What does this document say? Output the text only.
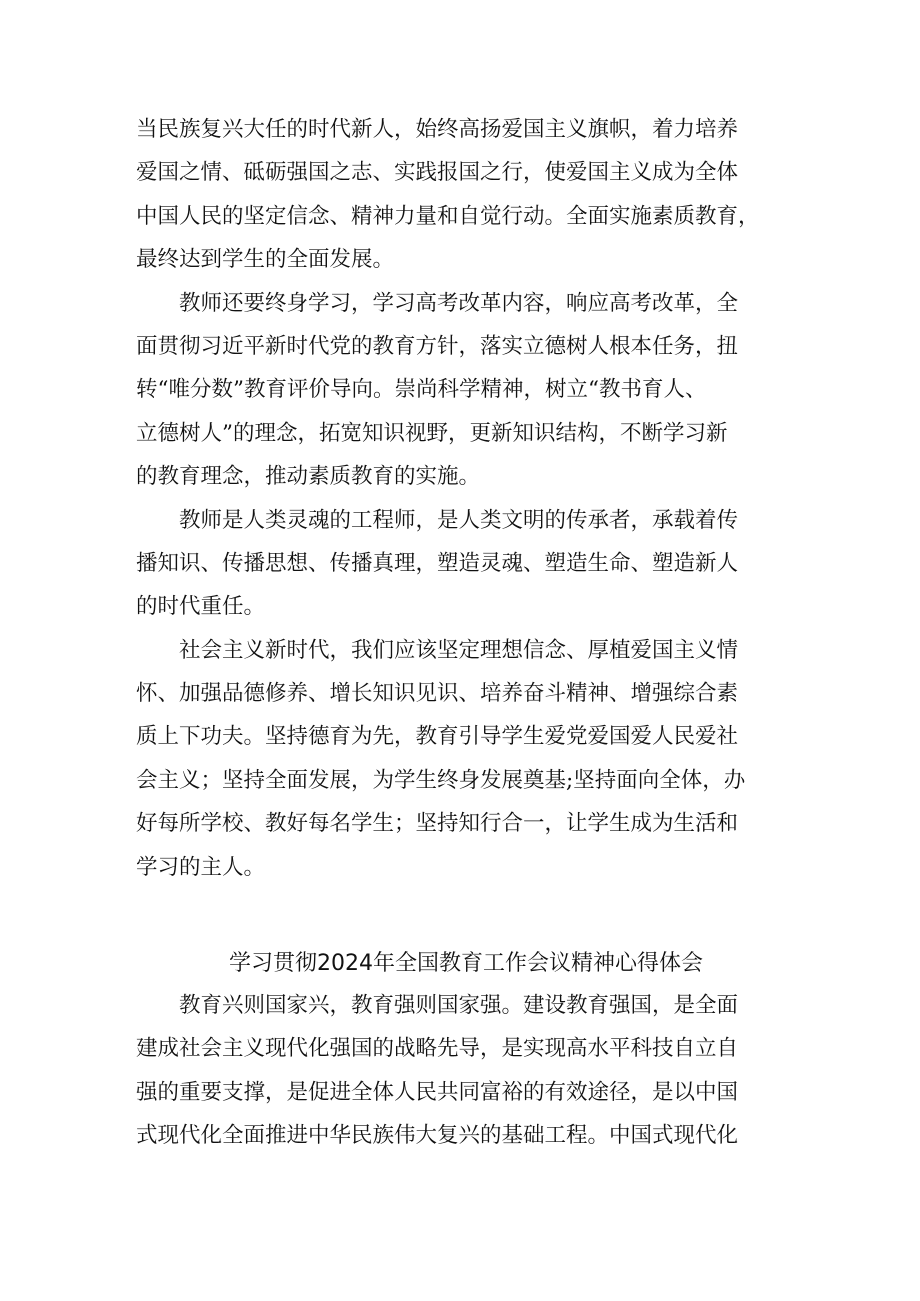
当民族复兴大任的时代新人，始终高扬爱国主义旗帜，着力培养
爱国之情、砥砺强国之志、实践报国之行，使爱国主义成为全体
中国人民的坚定信念、精神力量和自觉行动。全面实施素质教育，
最终达到学生的全面发展。
　　教师还要终身学习，学习高考改革内容，响应高考改革，全
面贯彻习近平新时代党的教育方针，落实立德树人根本任务，扭
转“唯分数”教育评价导向。崇尚科学精神，树立“教书育人、
立德树人”的理念，拓宽知识视野，更新知识结构，不断学习新
的教育理念，推动素质教育的实施。
　　教师是人类灵魂的工程师，是人类文明的传承者，承载着传
播知识、传播思想、传播真理，塑造灵魂、塑造生命、塑造新人
的时代重任。
　　社会主义新时代，我们应该坚定理想信念、厚植爱国主义情
怀、加强品德修养、增长知识见识、培养奋斗精神、增强综合素
质上下功夫。坚持德育为先，教育引导学生爱党爱国爱人民爱社
会主义；坚持全面发展，为学生终身发展奠基;坚持面向全体，办
好每所学校、教好每名学生；坚持知行合一，让学生成为生活和
学习的主人。
学习贯彻2024年全国教育工作会议精神心得体会
　　教育兴则国家兴，教育强则国家强。建设教育强国，是全面
建成社会主义现代化强国的战略先导，是实现高水平科技自立自
强的重要支撑，是促进全体人民共同富裕的有效途径，是以中国
式现代化全面推进中华民族伟大复兴的基础工程。中国式现代化
